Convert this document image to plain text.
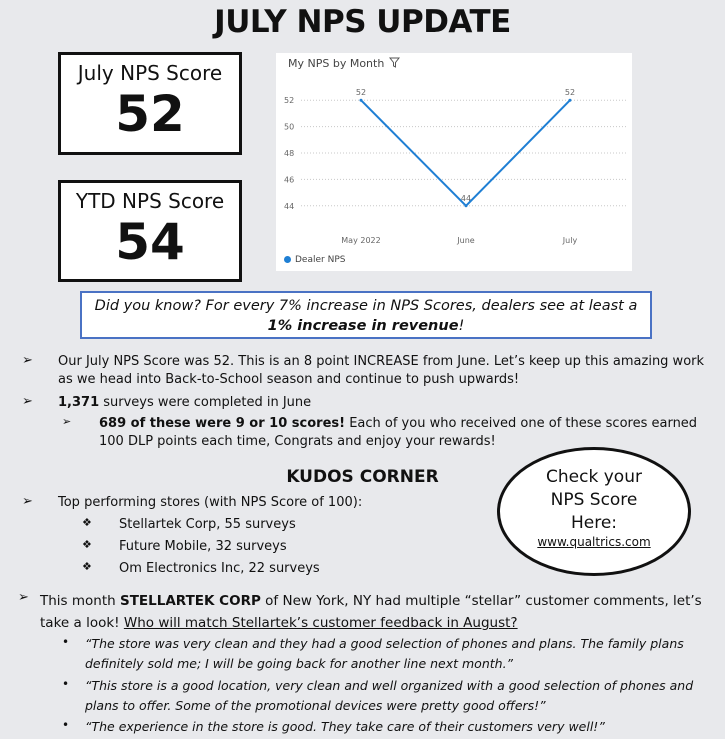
JULY NPS UPDATE
July NPS Score
52
YTD NPS Score
54
My NPS by Month
44
46
48
50
52
May 2022	June	July
52
44
52
Dealer NPS
Did you know? For every 7% increase in NPS Scores, dealers see at least a
1% increase in revenue!
➢ Our July NPS Score was 52. This is an 8 point INCREASE from June. Let’s keep up this amazing work as we head into Back-to-School season and continue to push upwards!
➢ 1,371 surveys were completed in June
➢ 689 of these were 9 or 10 scores! Each of you who received one of these scores earned 100 DLP points each time, Congrats and enjoy your rewards!
KUDOS CORNER
➢ Top performing stores (with NPS Score of 100):
❖ Stellartek Corp, 55 surveys
❖ Future Mobile, 32 surveys
❖ Om Electronics Inc, 22 surveys
Check your
NPS Score
Here:
www.qualtrics.com
➢ This month STELLARTEK CORP of New York, NY had multiple “stellar” customer comments, let’s
take a look! Who will match Stellartek’s customer feedback in August?
• “The store was very clean and they had a good selection of phones and plans. The family plans definitely sold me; I will be going back for another line next month.”
• “This store is a good location, very clean and well organized with a good selection of phones and plans to offer. Some of the promotional devices were pretty good offers!”
• “The experience in the store is good. They take care of their customers very well!”
